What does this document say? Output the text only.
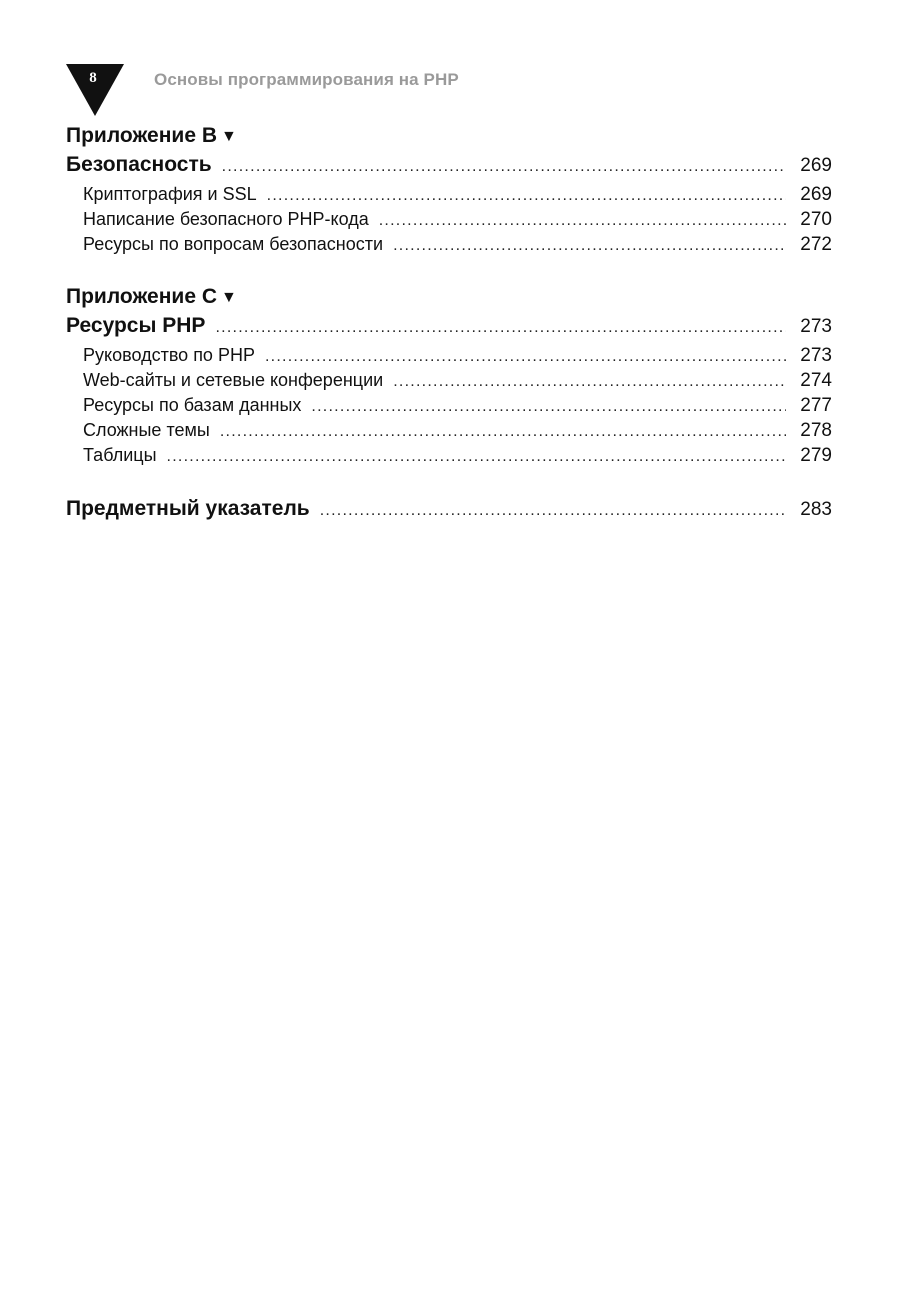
8	Основы программирования на PHP
Приложение B ▼
Безопасность . . .	269
Криптография и SSL . . .	269
Написание безопасного PHP-кода . . .	270
Ресурсы по вопросам безопасности . . .	272
Приложение C ▼
Ресурсы PHP . . .	273
Руководство по PHP . . .	273
Web-сайты и сетевые конференции . . .	274
Ресурсы по базам данных . . .	277
Сложные темы . . .	278
Таблицы . . .	279
Предметный указатель . . .	283
